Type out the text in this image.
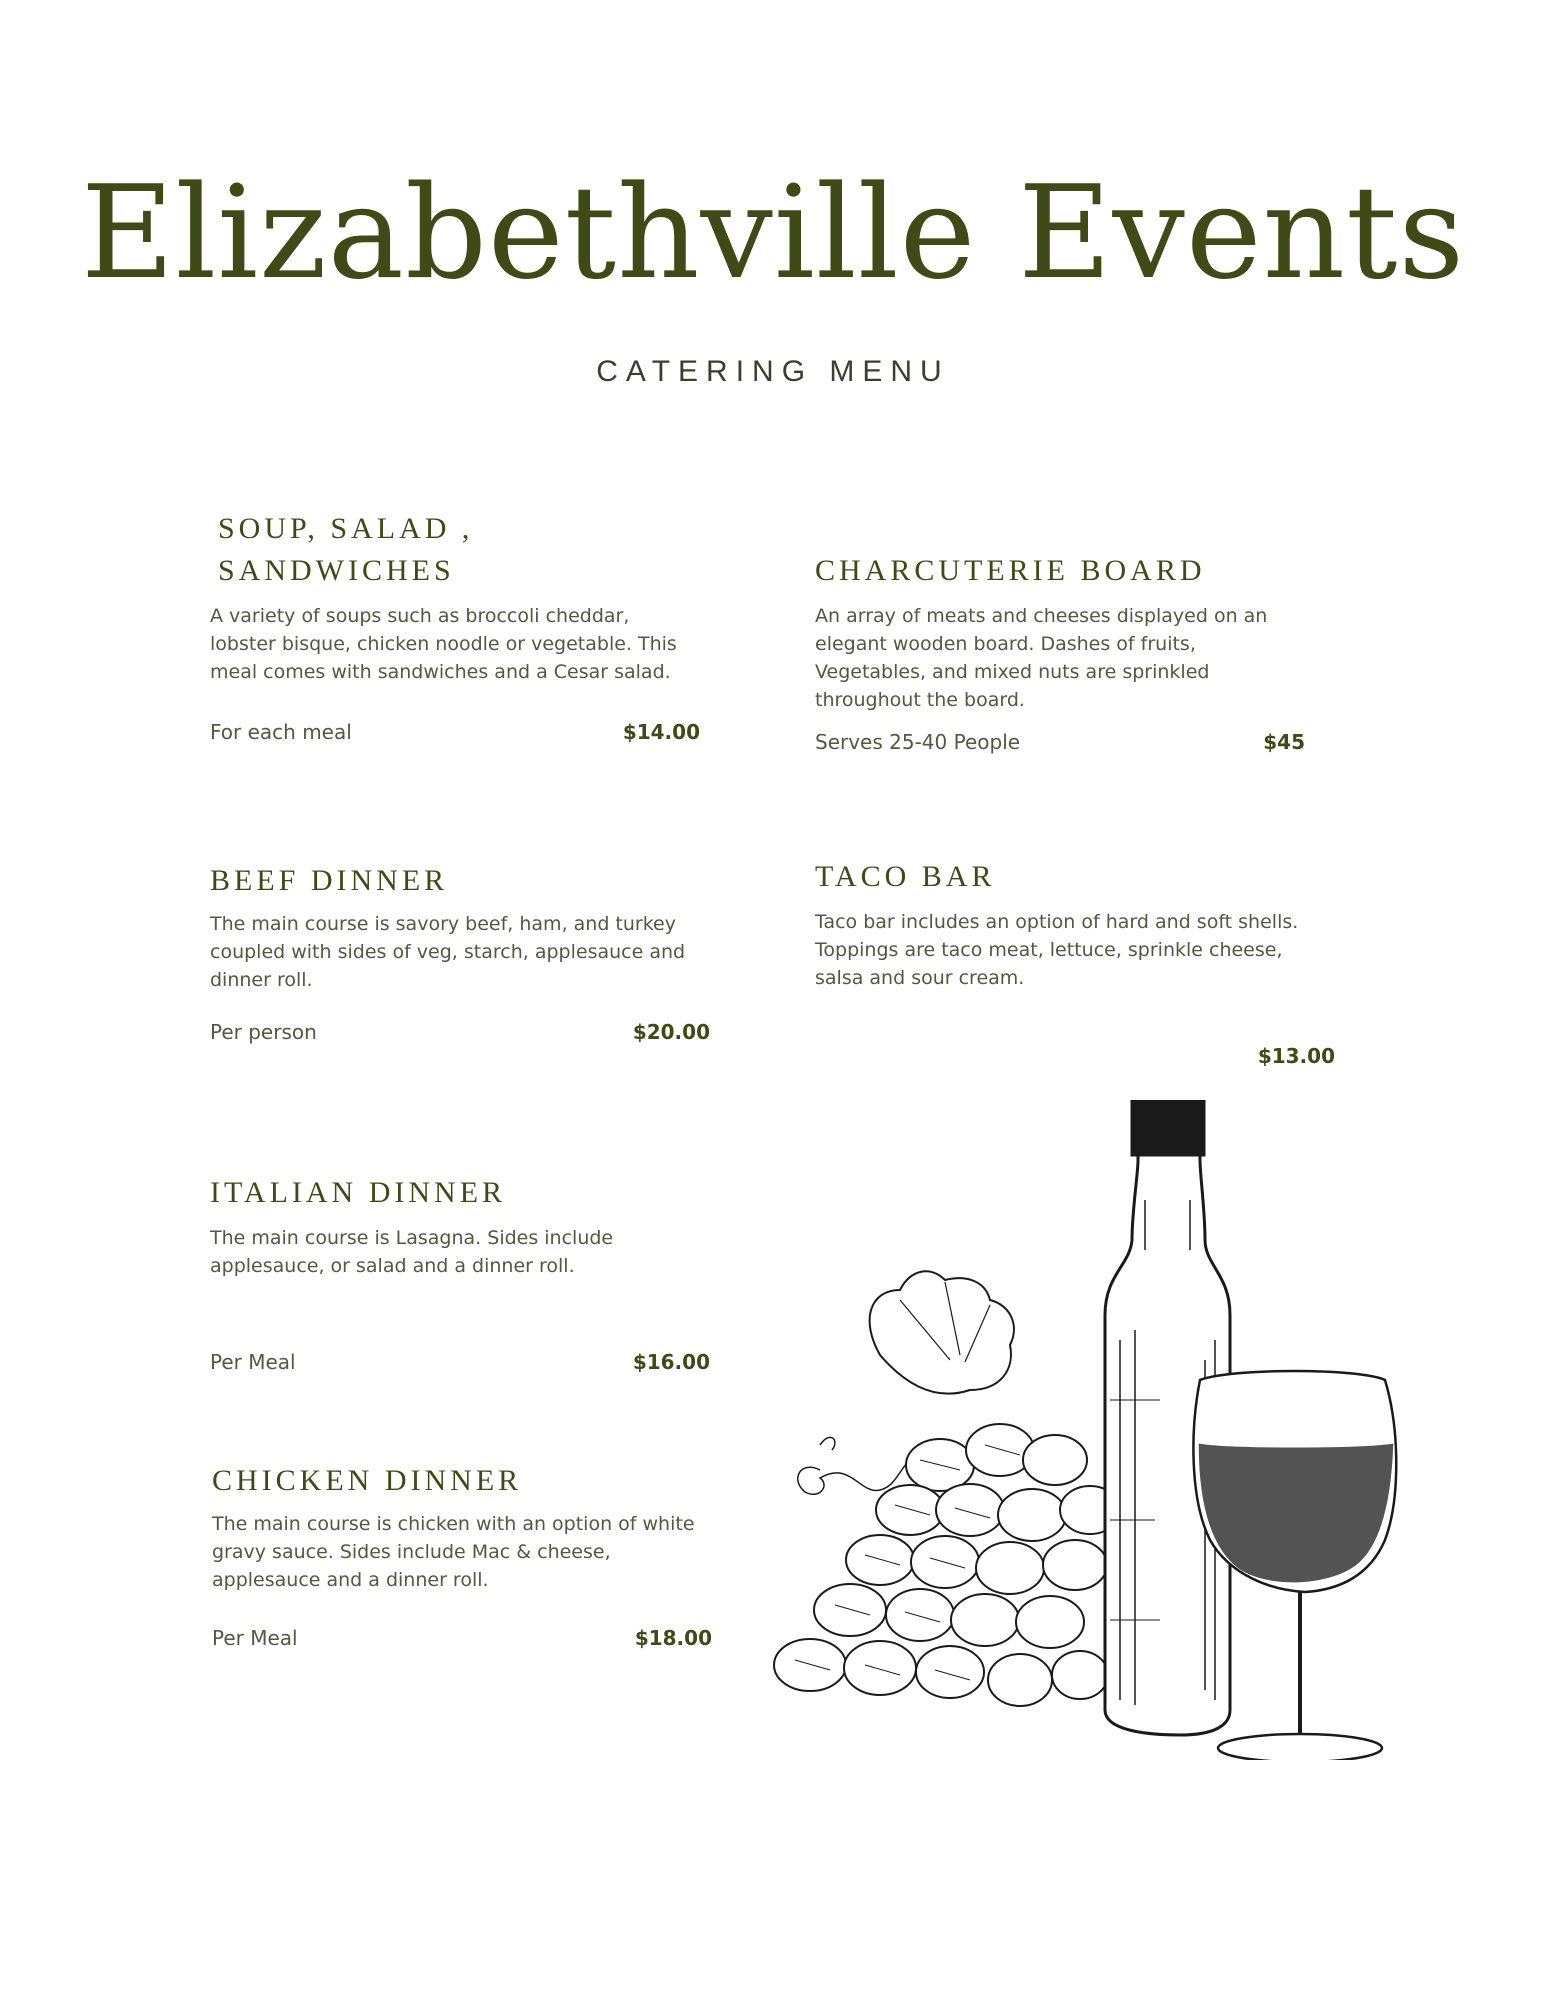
Elizabethville Events
CATERING MENU
SOUP, SALAD ,
SANDWICHES

A variety of soups such as broccoli cheddar, lobster bisque, chicken noodle or vegetable. This meal comes with sandwiches and a Cesar salad.

For each meal	$14.00
CHARCUTERIE BOARD

An array of meats and cheeses displayed on an elegant wooden board. Dashes of fruits, Vegetables, and mixed nuts are sprinkled throughout the board.

Serves 25-40 People	$45
BEEF DINNER

The main course is savory beef, ham, and turkey coupled with sides of veg, starch, applesauce and dinner roll.

Per person	$20.00
TACO BAR

Taco bar includes an option of hard and soft shells. Toppings are taco meat, lettuce, sprinkle cheese, salsa and sour cream.

$13.00
ITALIAN DINNER

The main course is Lasagna. Sides include applesauce, or salad and a dinner roll.

Per Meal	$16.00
CHICKEN DINNER

The main course is chicken with an option of white gravy sauce. Sides include Mac & cheese, applesauce and a dinner roll.

Per Meal	$18.00
